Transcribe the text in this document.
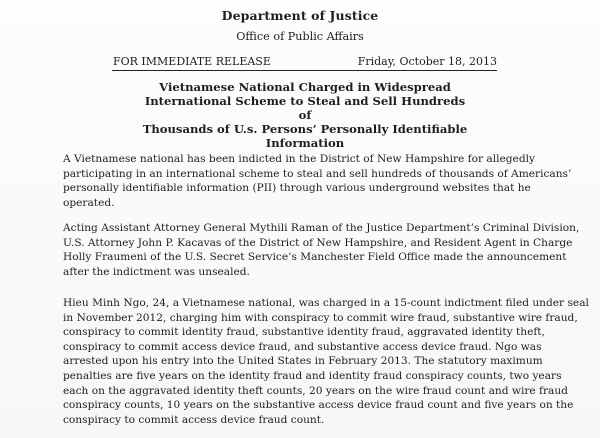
Department of Justice
Office of Public Affairs
FOR IMMEDIATE RELEASE	Friday, October 18, 2013
Vietnamese National Charged in Widespread
International Scheme to Steal and Sell Hundreds of
Thousands of U.s. Persons’ Personally Identifiable
Information
A Vietnamese national has been indicted in the District of New Hampshire for allegedly
participating in an international scheme to steal and sell hundreds of thousands of Americans’
personally identifiable information (PII) through various underground websites that he
operated.
Acting Assistant Attorney General Mythili Raman of the Justice Department’s Criminal Division,
U.S. Attorney John P. Kacavas of the District of New Hampshire, and Resident Agent in Charge
Holly Fraumeni of the U.S. Secret Service’s Manchester Field Office made the announcement
after the indictment was unsealed.
Hieu Minh Ngo, 24, a Vietnamese national, was charged in a 15-count indictment filed under seal
in November 2012, charging him with conspiracy to commit wire fraud, substantive wire fraud,
conspiracy to commit identity fraud, substantive identity fraud, aggravated identity theft,
conspiracy to commit access device fraud, and substantive access device fraud. Ngo was
arrested upon his entry into the United States in February 2013. The statutory maximum
penalties are five years on the identity fraud and identity fraud conspiracy counts, two years
each on the aggravated identity theft counts, 20 years on the wire fraud count and wire fraud
conspiracy counts, 10 years on the substantive access device fraud count and five years on the
conspiracy to commit access device fraud count.
